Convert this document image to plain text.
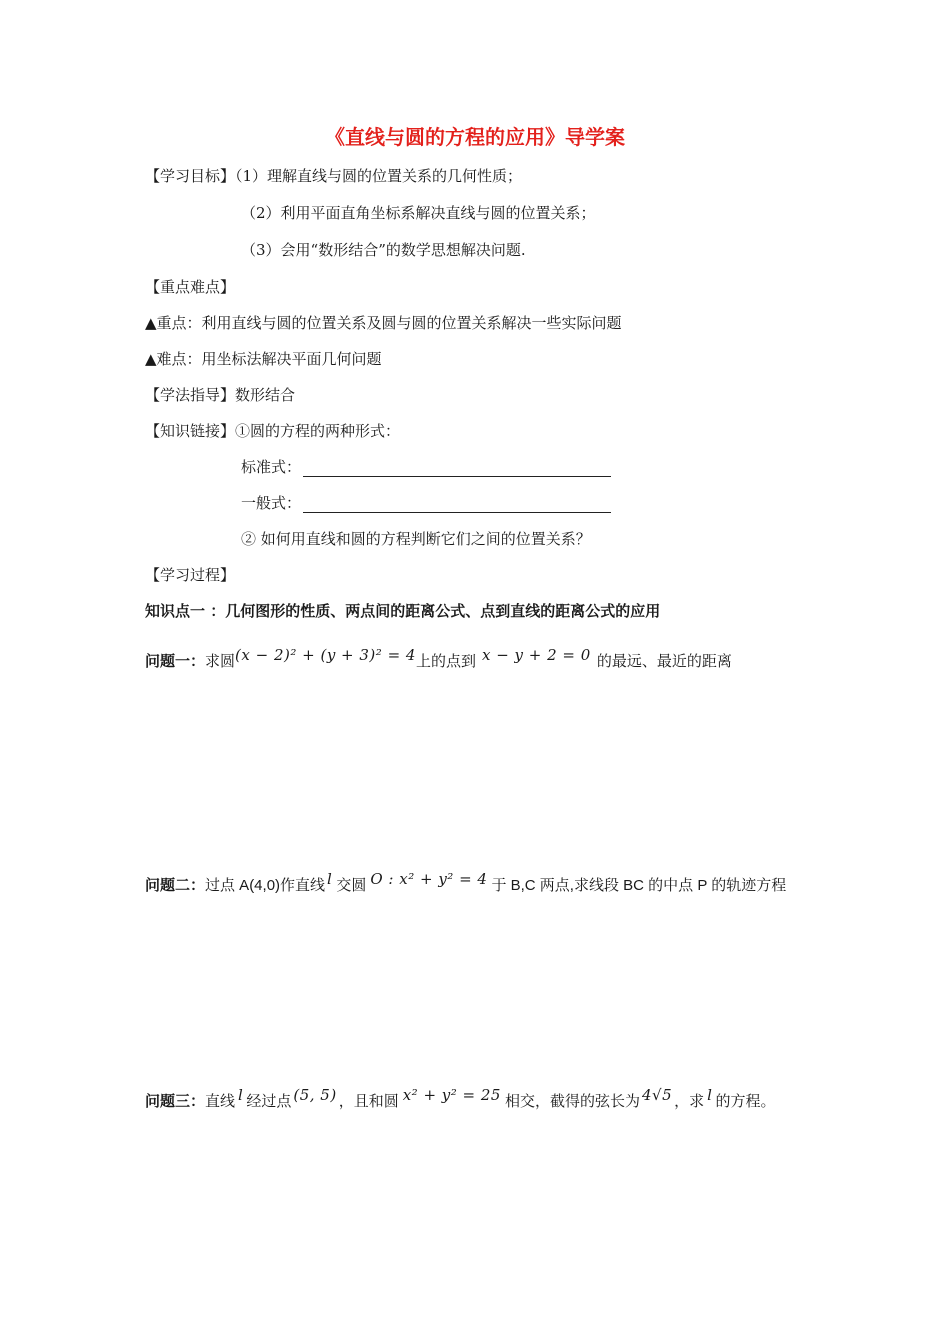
《直线与圆的方程的应用》导学案
【学习目标】（1）理解直线与圆的位置关系的几何性质；
（2）利用平面直角坐标系解决直线与圆的位置关系；
（3）会用“数形结合”的数学思想解决问题.
【重点难点】
▲重点：利用直线与圆的位置关系及圆与圆的位置关系解决一些实际问题
▲难点：用坐标法解决平面几何问题
【学法指导】数形结合
【知识链接】①圆的方程的两种形式：
标准式：
一般式：
② 如何用直线和圆的方程判断它们之间的位置关系？
【学习过程】
知识点一 ：几何图形的性质、两点间的距离公式、点到直线的距离公式的应用
问题一：求圆(x − 2)² + (y + 3)² = 4上的点到 x − y + 2 = 0 的最远、最近的距离
问题二：过点 A(4,0)作直线 l 交圆 O : x² + y² = 4 于 B,C 两点,求线段 BC 的中点 P 的轨迹方程
问题三：直线 l 经过点 (5, 5) ，且和圆 x² + y² = 25 相交，截得的弦长为 4√5 ，求 l 的方程。
